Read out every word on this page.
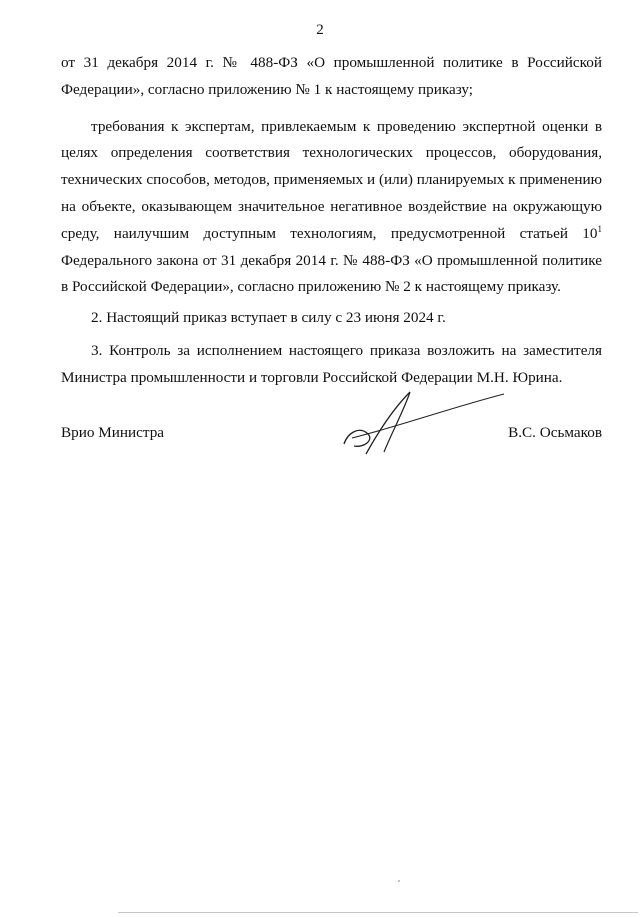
2

от 31 декабря 2014 г. № 488-ФЗ «О промышленной политике в Российской Федерации», согласно приложению № 1 к настоящему приказу;

требования к экспертам, привлекаемым к проведению экспертной оценки в целях определения соответствия технологических процессов, оборудования, технических способов, методов, применяемых и (или) планируемых к применению на объекте, оказывающем значительное негативное воздействие на окружающую среду, наилучшим доступным технологиям, предусмотренной статьей $10^1$ Федерального закона от 31 декабря 2014 г. № 488-ФЗ «О промышленной политике в Российской Федерации», согласно приложению № 2 к настоящему приказу.

2. Настоящий приказ вступает в силу с 23 июня 2024 г.

3. Контроль за исполнением настоящего приказа возложить на заместителя Министра промышленности и торговли Российской Федерации М.Н. Юрина.

Врио Министра	В.С. Осьмаков
